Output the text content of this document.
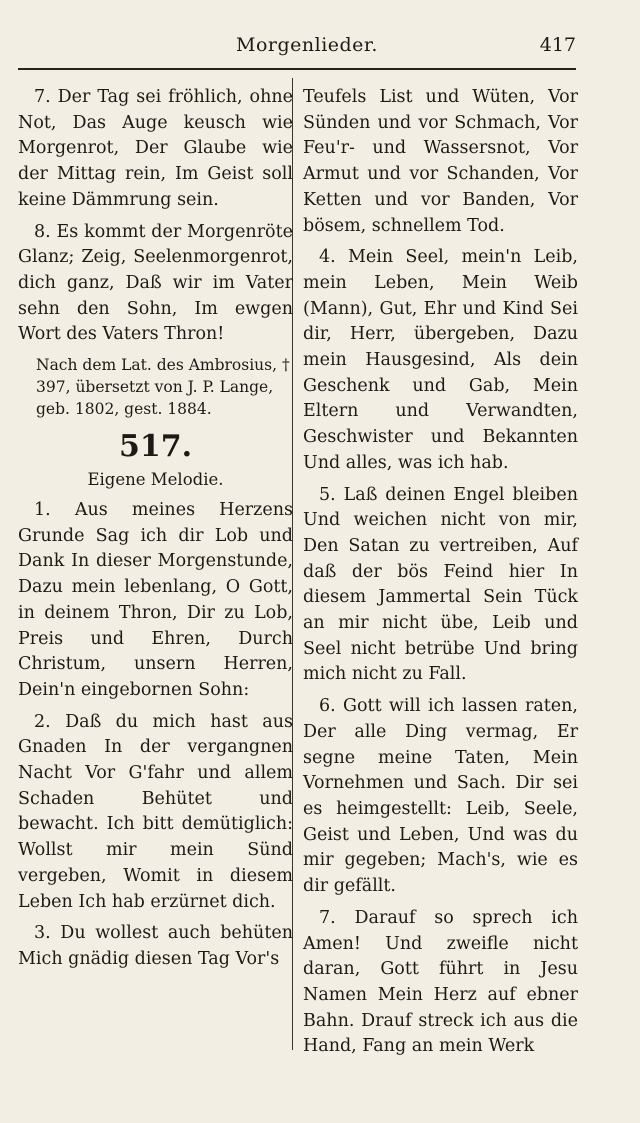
Morgenlieder.	417

7. Der Tag sei fröhlich, ohne Not, Das Auge keusch wie Morgenrot, Der Glaube wie der Mittag rein, Im Geist soll keine Dämmrung sein.

8. Es kommt der Morgenröte Glanz; Zeig, Seelenmorgenrot, dich ganz, Daß wir im Vater sehn den Sohn, Im ewgen Wort des Vaters Thron!

Nach dem Lat. des Ambrosius, † 397, übersetzt von J. P. Lange, geb. 1802, gest. 1884.

517.
Eigene Melodie.

1. Aus meines Herzens Grunde Sag ich dir Lob und Dank In dieser Morgenstunde, Dazu mein lebenlang, O Gott, in deinem Thron, Dir zu Lob, Preis und Ehren, Durch Christum, unsern Herren, Dein'n eingebornen Sohn:

2. Daß du mich hast aus Gnaden In der vergangnen Nacht Vor G'fahr und allem Schaden Behütet und bewacht. Ich bitt demütiglich: Wollst mir mein Sünd vergeben, Womit in diesem Leben Ich hab erzürnet dich.

3. Du wollest auch behüten Mich gnädig diesen Tag Vor's

Teufels List und Wüten, Vor Sünden und vor Schmach, Vor Feu'r- und Wassersnot, Vor Armut und vor Schanden, Vor Ketten und vor Banden, Vor bösem, schnellem Tod.

4. Mein Seel, mein'n Leib, mein Leben, Mein Weib (Mann), Gut, Ehr und Kind Sei dir, Herr, übergeben, Dazu mein Hausgesind, Als dein Geschenk und Gab, Mein Eltern und Verwandten, Geschwister und Bekannten Und alles, was ich hab.

5. Laß deinen Engel bleiben Und weichen nicht von mir, Den Satan zu vertreiben, Auf daß der bös Feind hier In diesem Jammertal Sein Tück an mir nicht übe, Leib und Seel nicht betrübe Und bring mich nicht zu Fall.

6. Gott will ich lassen raten, Der alle Ding vermag, Er segne meine Taten, Mein Vornehmen und Sach. Dir sei es heimgestellt: Leib, Seele, Geist und Leben, Und was du mir gegeben; Mach's, wie es dir gefällt.

7. Darauf so sprech ich Amen! Und zweifle nicht daran, Gott führt in Jesu Namen Mein Herz auf ebner Bahn. Drauf streck ich aus die Hand, Fang an mein Werk
